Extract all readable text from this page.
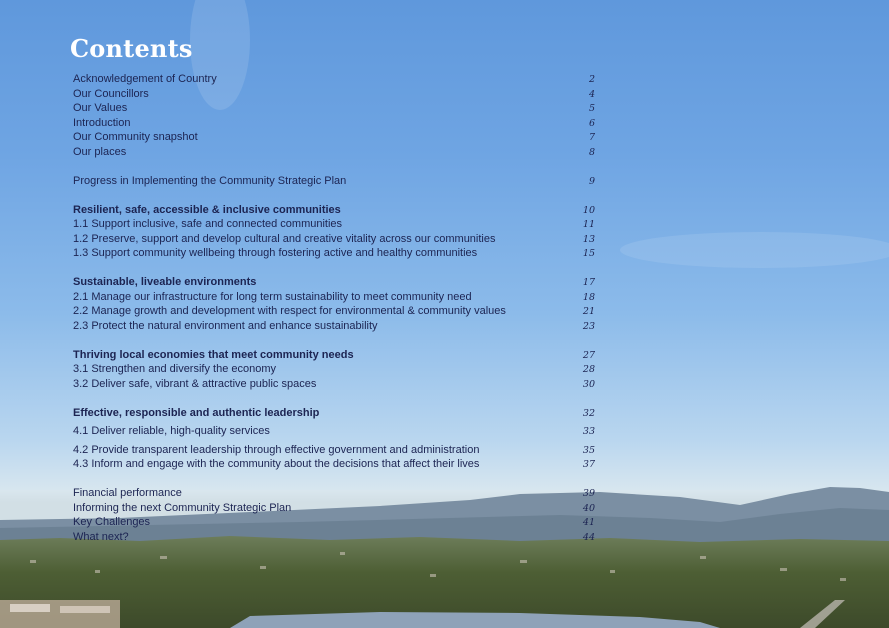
Contents
Acknowledgement of Country	2
Our Councillors	4
Our Values	5
Introduction	6
Our Community snapshot	7
Our places	8
Progress in Implementing the Community Strategic Plan	9
Resilient, safe, accessible & inclusive communities	10
1.1 Support inclusive, safe and connected communities	11
1.2 Preserve, support and develop cultural and creative vitality across our communities	13
1.3 Support community wellbeing through fostering active and healthy communities	15
Sustainable, liveable environments	17
2.1 Manage our infrastructure for long term sustainability to meet community need	18
2.2 Manage growth and development with respect for environmental & community values	21
2.3 Protect the natural environment and enhance sustainability	23
Thriving local economies that meet community needs	27
3.1 Strengthen and diversify the economy	28
3.2 Deliver safe, vibrant & attractive public spaces	30
Effective, responsible and authentic leadership	32
4.1 Deliver reliable, high-quality services	33
4.2 Provide transparent leadership through effective government and administration	35
4.3 Inform and engage with the community about the decisions that affect their lives	37
Financial performance	39
Informing the next Community Strategic Plan	40
Key Challenges	41
What next?	44
